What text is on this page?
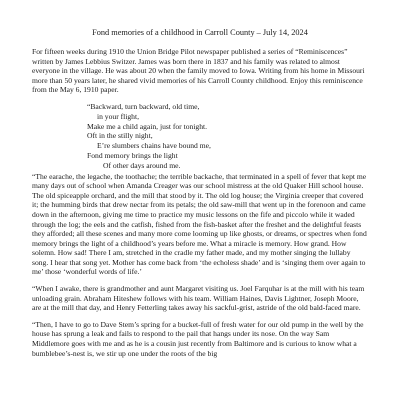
Fond memories of a childhood in Carroll County – July 14, 2024

For fifteen weeks during 1910 the Union Bridge Pilot newspaper published a series of “Reminiscences” written by James Lebbius Switzer. James was born there in 1837 and his family was related to almost everyone in the village. He was about 20 when the family moved to Iowa. Writing from his home in Missouri more than 50 years later, he shared vivid memories of his Carroll County childhood. Enjoy this reminiscence from the May 6, 1910 paper.

“Backward, turn backward, old time,
in your flight,
Make me a child again, just for tonight.
Oft in the stilly night,
E’re slumbers chains have bound me,
Fond memory brings the light
Of other days around me.

“The earache, the legache, the toothache; the terrible backache, that terminated in a spell of fever that kept me many days out of school when Amanda Creager was our school mistress at the old Quaker Hill school house. The old spiceapple orchard, and the mill that stood by it. The old log house; the Virginia creeper that covered it; the humming birds that drew nectar from its petals; the old saw-mill that went up in the forenoon and came down in the afternoon, giving me time to practice my music lessons on the fife and piccolo while it waded through the log; the eels and the catfish, fished from the fish-basket after the freshet and the delightful feasts they afforded; all these scenes and many more come looming up like ghosts, or dreams, or spectres when fond memory brings the light of a childhood’s years before me. What a miracle is memory. How grand. How solemn. How sad! There I am, stretched in the cradle my father made, and my mother singing the lullaby song. I hear that song yet. Mother has come back from ‘the echoless shade’ and is ‘singing them over again to me’ those ‘wonderful words of life.’

“When I awake, there is grandmother and aunt Margaret visiting us. Joel Farquhar is at the mill with his team unloading grain. Abraham Hiteshew follows with his team. William Haines, Davis Lightner, Joseph Moore, are at the mill that day, and Henry Fetterling takes away his sackful-grist, astride of the old bald-faced mare.

“Then, I have to go to Dave Stem’s spring for a bucket-full of fresh water for our old pump in the well by the house has sprung a leak and fails to respond to the pail that hangs under its nose. On the way Sam Middlemore goes with me and as he is a cousin just recently from Baltimore and is curious to know what a bumblebee’s-nest is, we stir up one under the roots of the big
